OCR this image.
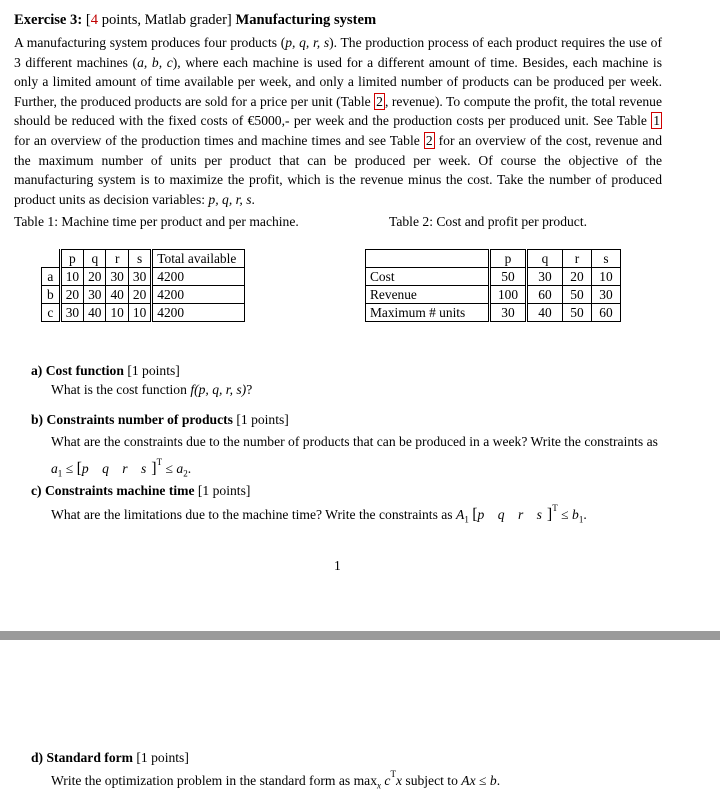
Exercise 3: [4 points, Matlab grader] Manufacturing system
A manufacturing system produces four products (p, q, r, s). The production process of each product requires the use of 3 different machines (a, b, c), where each machine is used for a different amount of time. Besides, each machine is only a limited amount of time available per week, and only a limited number of products can be produced per week. Further, the produced products are sold for a price per unit (Table 2 , revenue). To compute the profit, the total revenue should be reduced with the fixed costs of €5000,- per week and the production costs per produced unit. See Table 1 for an overview of the production times and machine times and see Table 2 for an overview of the cost, revenue and the maximum number of units per product that can be produced per week. Of course the objective of the manufacturing system is to maximize the profit, which is the revenue minus the cost. Take the number of produced product units as decision variables: p, q, r, s.
Table 1: Machine time per product and per machine.	Table 2: Cost and profit per product.
	p	q	r	s	Total available
a	10	20	30	30	4200
b	20	30	40	20	4200
c	30	40	10	10	4200
	p	q	r	s
Cost	50	30	20	10
Revenue	100	60	50	30
Maximum # units	30	40	50	60
a) Cost function [1 points]
What is the cost function f(p, q, r, s)?
b) Constraints number of products [1 points]
What are the constraints due to the number of products that can be produced in a week? Write the constraints as $a_1 \le [p$ q r $s]^T \le a_2$.
c) Constraints machine time [1 points]
What are the limitations due to the machine time? Write the constraints as $A_1$ [p q r $s]^T \le b_1$.
1
d) Standard form [1 points]
Write the optimization problem in the standard form as $\max_x c^Tx$ subject to Ax ≤ b.
